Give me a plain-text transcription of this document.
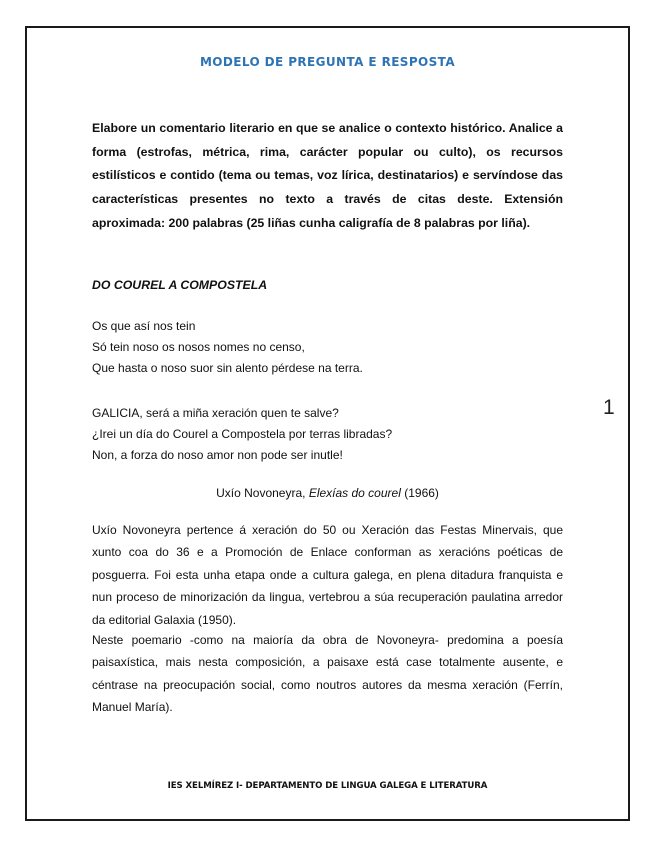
MODELO DE PREGUNTA E RESPOSTA

Elabore un comentario literario en que se analice o contexto histórico. Analice a forma (estrofas, métrica, rima, carácter popular ou culto), os recursos estilísticos e contido (tema ou temas, voz lírica, destinatarios) e servíndose das características presentes no texto a través de citas deste. Extensión aproximada: 200 palabras (25 liñas cunha caligrafía de 8 palabras por liña).

DO COUREL A COMPOSTELA

Os que así nos tein
Só tein noso os nosos nomes no censo,
Que hasta o noso suor sin alento pérdese na terra.

GALICIA, será a miña xeración quen te salve?
¿Irei un día do Courel a Compostela por terras libradas?
Non, a forza do noso amor non pode ser inutle!

Uxío Novoneyra, Elexías do courel (1966)

Uxío Novoneyra pertence á xeración do 50 ou Xeración das Festas Minervais, que xunto coa do 36 e a Promoción de Enlace conforman as xeracións poéticas de posguerra. Foi esta unha etapa onde a cultura galega, en plena ditadura franquista e nun proceso de minorización da lingua, vertebrou a súa recuperación paulatina arredor da editorial Galaxia (1950).

Neste poemario -como na maioría da obra de Novoneyra- predomina a poesía paisaxística, mais nesta composición, a paisaxe está case totalmente ausente, e céntrase na preocupación social, como noutros autores da mesma xeración (Ferrín, Manuel María).

1
IES XELMÍREZ I- DEPARTAMENTO DE LINGUA GALEGA E LITERATURA
